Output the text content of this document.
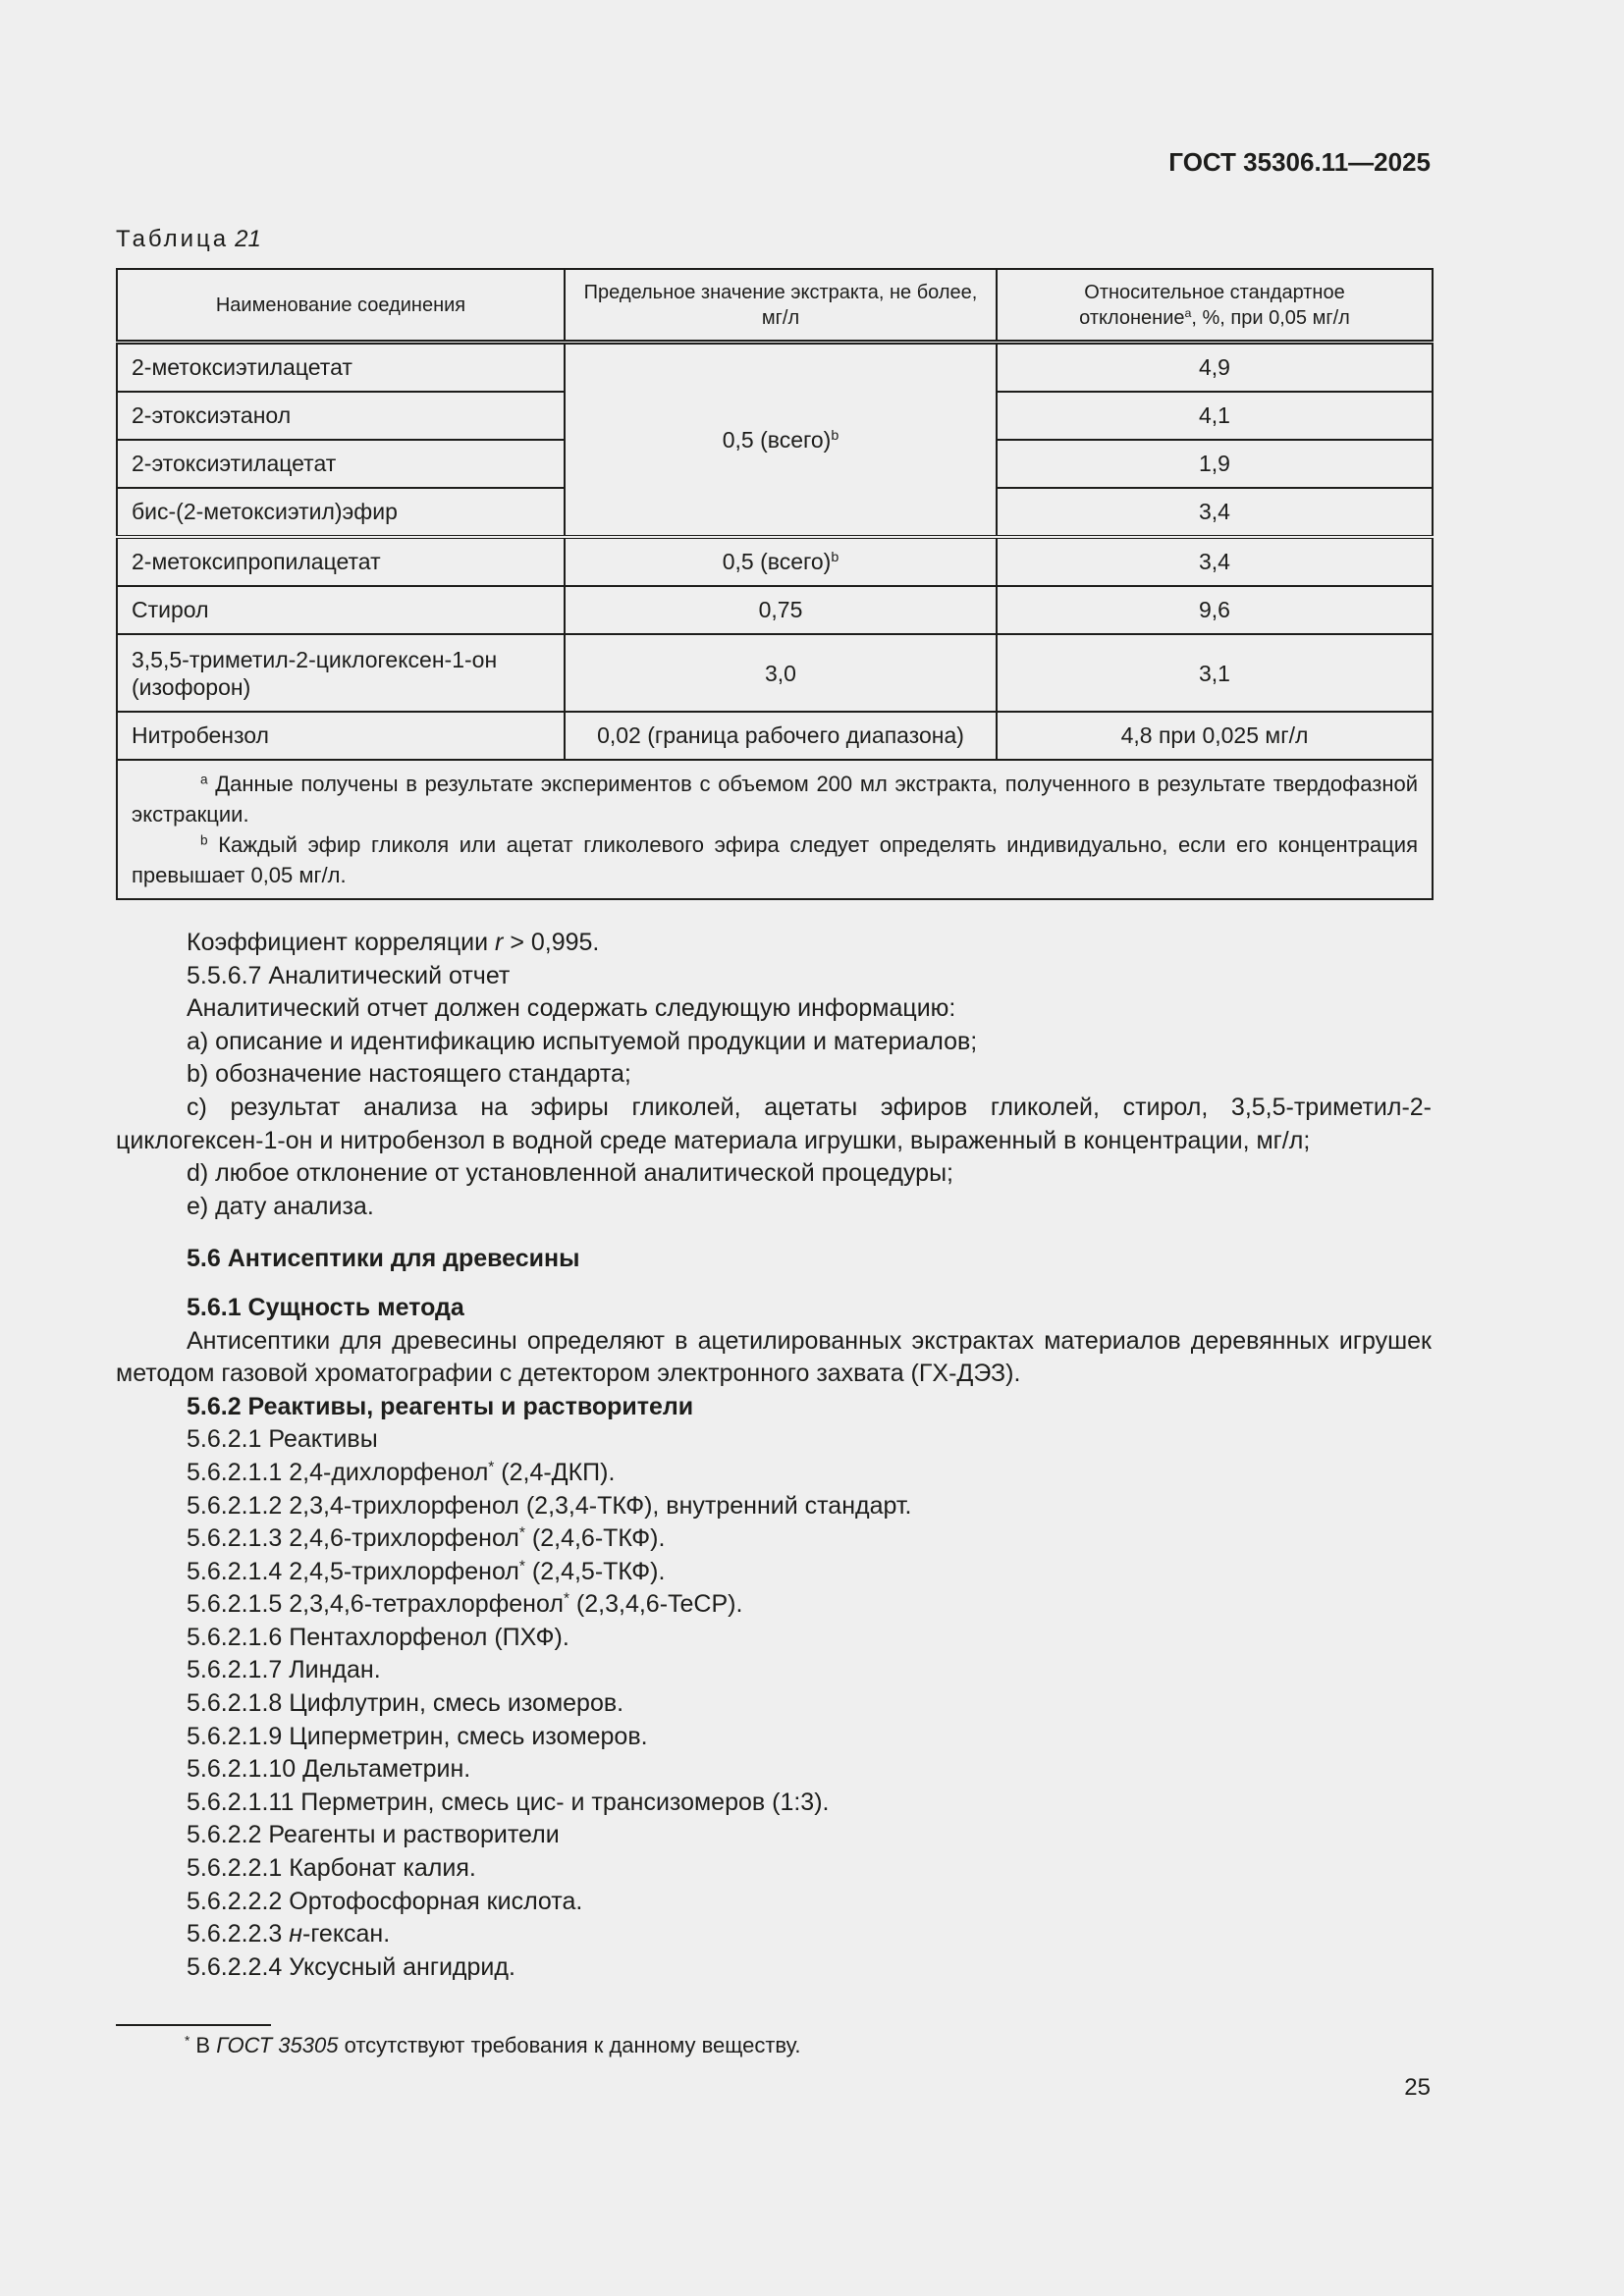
ГОСТ 35306.11—2025
Таблица 21
Наименование соединения	Предельное значение экстракта, не более, мг/л	Относительное стандартное
отклонение$^а$, %, при 0,05 мг/л
2-метоксиэтилацетат	0,5 (всего)$^b$	4,9
2-этоксиэтанол		4,1
2-этоксиэтилацетат		1,9
бис-(2-метоксиэтил)эфир		3,4
2-метоксипропилацетат	0,5 (всего)$^b$	3,4
Стирол	0,75	9,6
3,5,5-триметил-2-циклогексен-1-он (изофорон)	3,0	3,1
Нитробензол	0,02 (граница рабочего диапазона)	4,8 при 0,025 мг/л

$^a$ Данные получены в результате экспериментов с объемом 200 мл экстракта, полученного в результате твердофазной экстракции.
$^b$ Каждый эфир гликоля или ацетат гликолевого эфира следует определять индивидуально, если его концентрация превышает 0,05 мг/л.		

Коэффициент корреляции r > 0,995.

5.5.6.7 Аналитический отчет

Аналитический отчет должен содержать следующую информацию:

a) описание и идентификацию испытуемой продукции и материалов;

b) обозначение настоящего стандарта;

c) результат анализа на эфиры гликолей, ацетаты эфиров гликолей, стирол, 3,5,5-триметил-2-циклогексен-1-он и нитробензол в водной среде материала игрушки, выраженный в концентрации, мг/л;

d) любое отклонение от установленной аналитической процедуры;

e) дату анализа.

5.6 Антисептики для древесины

5.6.1 Сущность метода

Антисептики для древесины определяют в ацетилированных экстрактах материалов деревянных игрушек методом газовой хроматографии с детектором электронного захвата (ГХ-ДЭЗ).

5.6.2 Реактивы, реагенты и растворители

5.6.2.1 Реактивы

5.6.2.1.1 2,4-дихлорфенол* (2,4-ДКП).

5.6.2.1.2 2,3,4-трихлорфенол (2,3,4-ТКФ), внутренний стандарт.

5.6.2.1.3 2,4,6-трихлорфенол* (2,4,6-ТКФ).

5.6.2.1.4 2,4,5-трихлорфенол* (2,4,5-ТКФ).

5.6.2.1.5 2,3,4,6-тетрахлорфенол* (2,3,4,6-TeCP).

5.6.2.1.6 Пентахлорфенол (ПХФ).

5.6.2.1.7 Линдан.

5.6.2.1.8 Цифлутрин, смесь изомеров.

5.6.2.1.9 Циперметрин, смесь изомеров.

5.6.2.1.10 Дельтаметрин.

5.6.2.1.11 Перметрин, смесь цис- и трансизомеров (1:3).

5.6.2.2 Реагенты и растворители

5.6.2.2.1 Карбонат калия.

5.6.2.2.2 Ортофосфорная кислота.

5.6.2.2.3 н-гексан.

5.6.2.2.4 Уксусный ангидрид.

* В ГОСТ 35305 отсутствуют требования к данному веществу.
25
